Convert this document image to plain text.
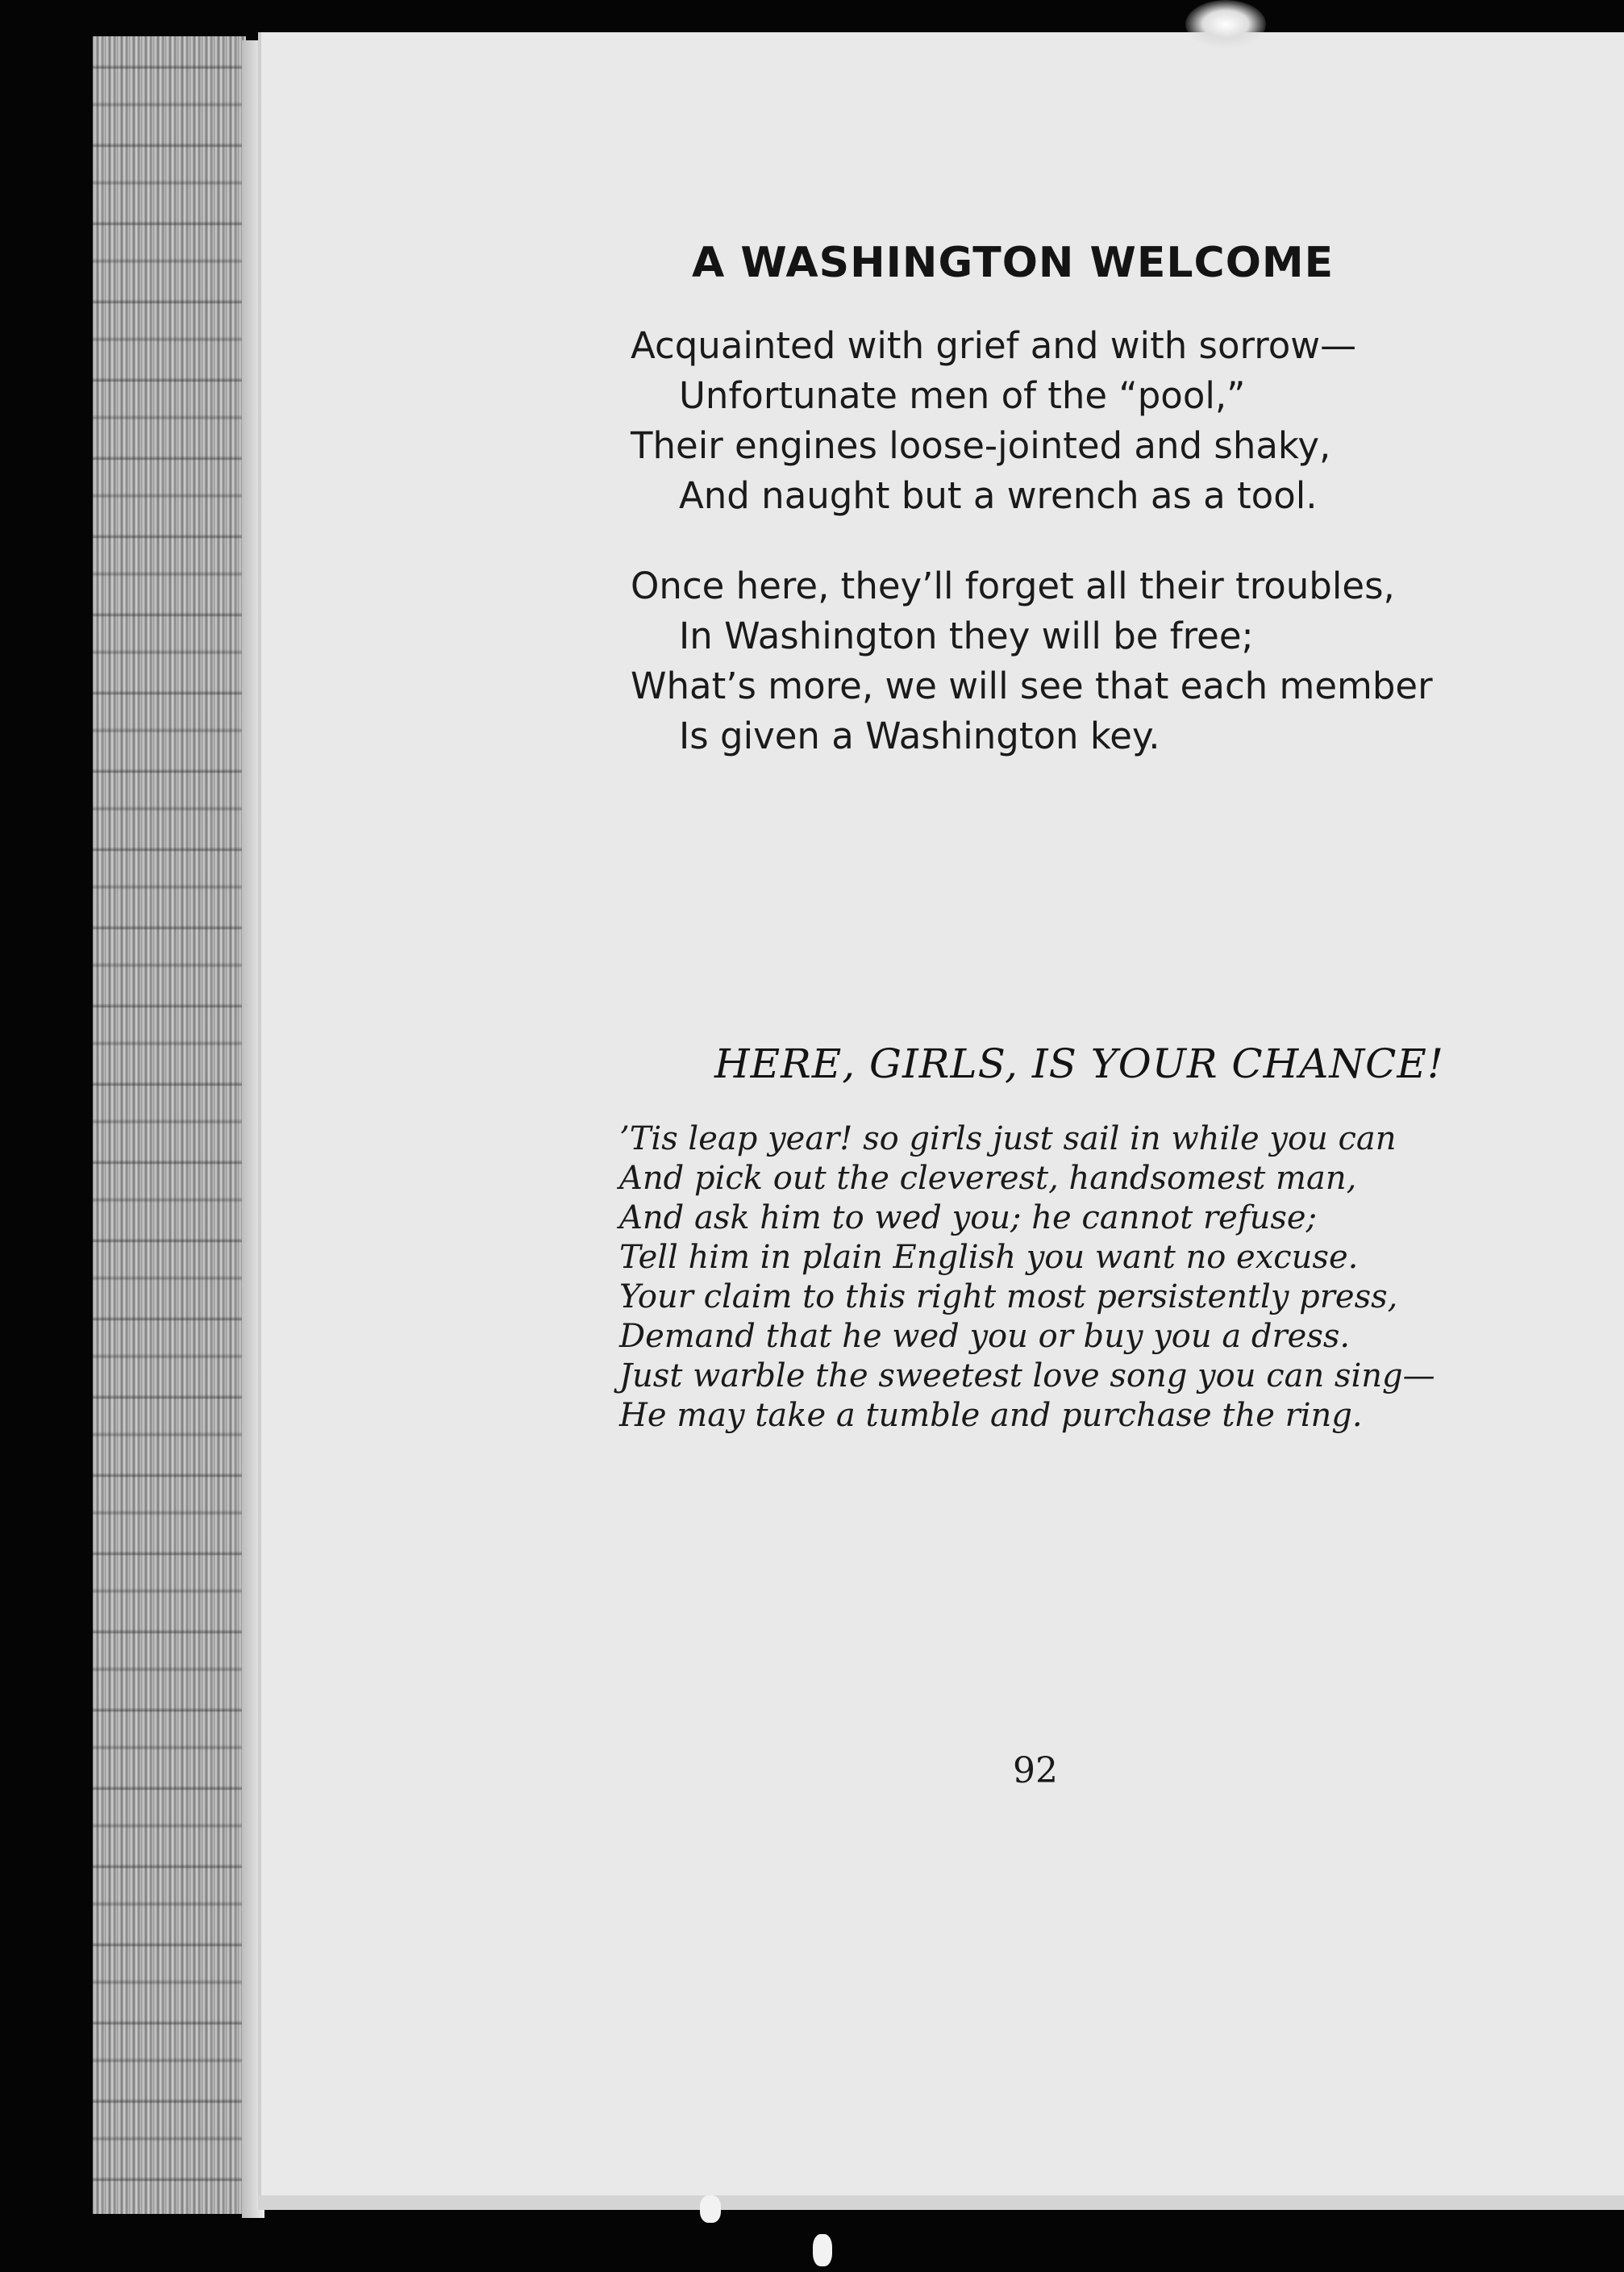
A WASHINGTON WELCOME
Acquainted with grief and with sorrow—
Unfortunate men of the “pool,”
Their engines loose-jointed and shaky,
And naught but a wrench as a tool.
Once here, they’ll forget all their troubles,
In Washington they will be free;
What’s more, we will see that each member
Is given a Washington key.
HERE, GIRLS, IS YOUR CHANCE!
’Tis leap year! so girls just sail in while you can
And pick out the cleverest, handsomest man,
And ask him to wed you; he cannot refuse;
Tell him in plain English you want no excuse.
Your claim to this right most persistently press,
Demand that he wed you or buy you a dress.
Just warble the sweetest love song you can sing—
He may take a tumble and purchase the ring.
92
